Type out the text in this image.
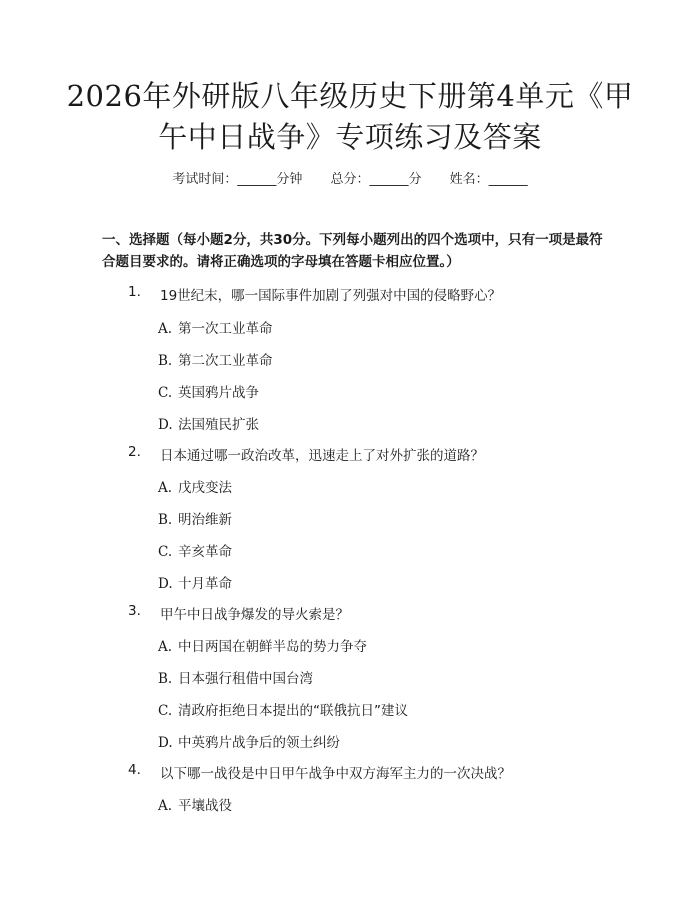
2026年外研版八年级历史下册第4单元《甲
午中日战争》专项练习及答案
考试时间：______分钟 总分：______分 姓名：______
一、选择题（每小题2分，共30分。下列每小题列出的四个选项中，只有一项是最符合题目要求的。请将正确选项的字母填在答题卡相应位置。）
1. 19世纪末，哪一国际事件加剧了列强对中国的侵略野心？
A. 第一次工业革命
B. 第二次工业革命
C. 英国鸦片战争
D. 法国殖民扩张
2. 日本通过哪一政治改革，迅速走上了对外扩张的道路？
A. 戊戌变法
B. 明治维新
C. 辛亥革命
D. 十月革命
3. 甲午中日战争爆发的导火索是？
A. 中日两国在朝鲜半岛的势力争夺
B. 日本强行租借中国台湾
C. 清政府拒绝日本提出的“联俄抗日”建议
D. 中英鸦片战争后的领土纠纷
4. 以下哪一战役是中日甲午战争中双方海军主力的一次决战？
A. 平壤战役
